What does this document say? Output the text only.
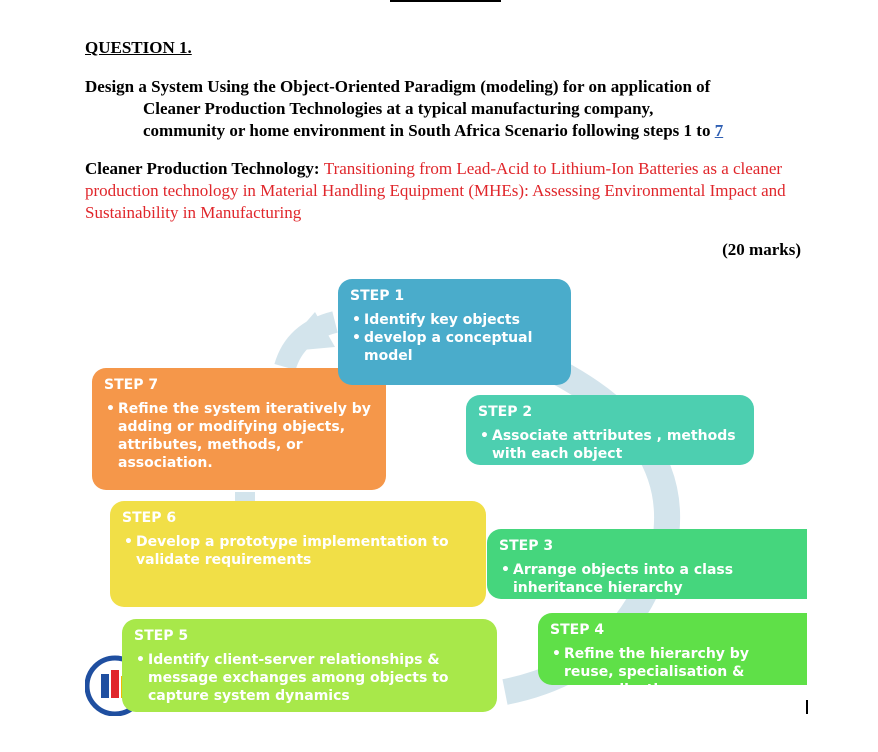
QUESTION 1.
Design a System Using the Object-Oriented Paradigm (modeling) for on application of
Cleaner Production Technologies at a typical manufacturing company,
community or home environment in South Africa Scenario following steps 1 to 7
Cleaner Production Technology: Transitioning from Lead-Acid to Lithium-Ion Batteries as a cleaner production technology in Material Handling Equipment (MHEs): Assessing Environmental Impact and Sustainability in Manufacturing
(20 marks)
STEP 7
• Refine the system iteratively by adding or modifying objects, attributes, methods, or association.
STEP 1
• Identify key objects
• develop a conceptual model
STEP 2
• Associate attributes , methods with each object
STEP 6
• Develop a prototype implementation to validate requirements
STEP 3
• Arrange objects into a class inheritance hierarchy
STEP 4
• Refine the hierarchy by reuse, specialisation & generalisation
STEP 5
• Identify client-server relationships & message exchanges among objects to capture system dynamics
